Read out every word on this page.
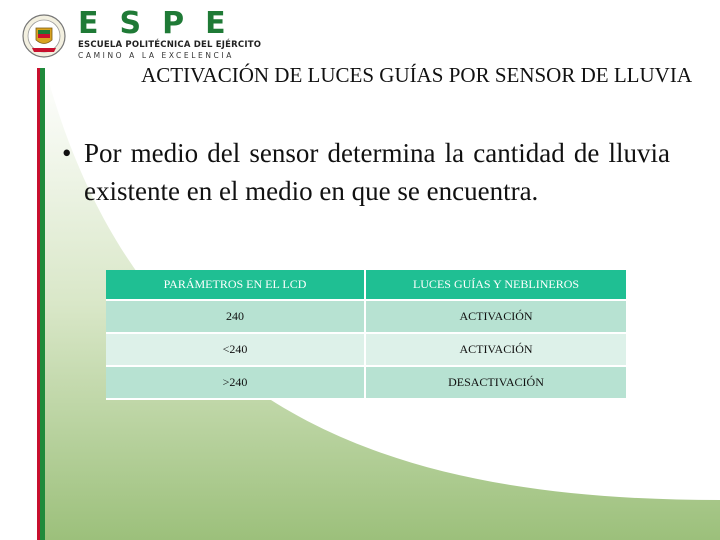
ESPE
ESCUELA POLITÉCNICA DEL EJÉRCITO
CAMINO A LA EXCELENCIA
ACTIVACIÓN DE LUCES GUÍAS POR SENSOR DE LLUVIA
• Por medio del sensor determina la cantidad de lluvia existente en el medio en que se encuentra.
PARÁMETROS EN EL LCD	LUCES GUÍAS Y NEBLINEROS
240	ACTIVACIÓN
<240	ACTIVACIÓN
>240	DESACTIVACIÓN
